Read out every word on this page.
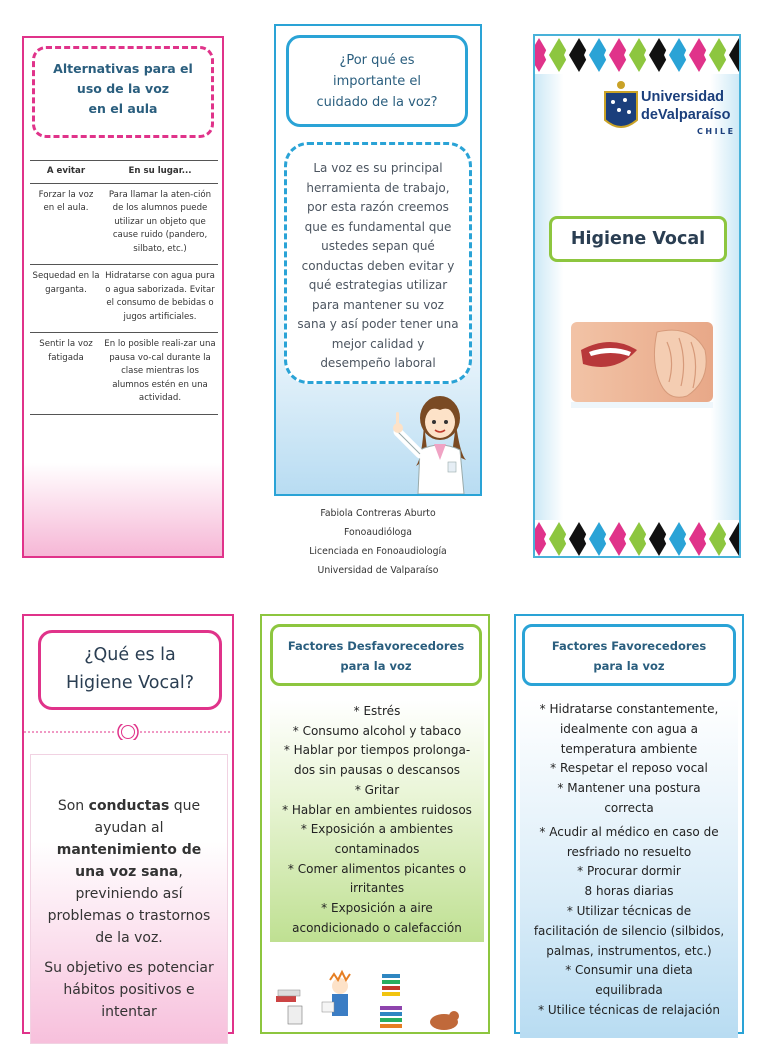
Alternativas para el
uso de la voz
en el aula
A evitar	En su lugar...
Forzar la voz en el aula.	Para llamar la aten-ción de los alumnos puede utilizar un objeto que cause ruido (pandero, silbato, etc.)
Sequedad en la garganta.	Hidratarse con agua pura o agua saborizada. Evitar el consumo de bebidas o jugos artificiales.
Sentir la voz fatigada	En lo posible reali-zar una pausa vo-cal durante la clase mientras los alumnos estén en una actividad.
¿Por qué es
importante el
cuidado de la voz?
La voz es su principal herramienta de trabajo, por esta razón creemos que es fundamental que ustedes sepan qué conductas deben evitar y qué estrategias utilizar para mantener su voz sana y así poder tener una mejor calidad y desempeño laboral
Fabiola Contreras Aburto
Fonoaudióloga
Licenciada en Fonoaudiología
Universidad de Valparaíso
Universidad
deValparaíso
CHILE
Higiene Vocal
¿Qué es la
Higiene Vocal?

Son conductas que ayudan al mantenimiento de una voz sana, previniendo así problemas o trastornos de la voz.

Su objetivo es potenciar hábitos positivos e intentar

Factores Desfavorecedores
para la voz
* Estrés
* Consumo alcohol y tabaco
* Hablar por tiempos prolonga-
dos sin pausas o descansos
* Gritar
* Hablar en ambientes ruidosos
* Exposición a ambientes
contaminados
* Comer alimentos picantes o
irritantes
* Exposición a aire
acondicionado o calefacción
Factores Favorecedores
para la voz
* Hidratarse constantemente,
idealmente con agua a
temperatura ambiente
* Respetar el reposo vocal
* Mantener una postura
correcta
* Acudir al médico en caso de
resfriado no resuelto
* Procurar dormir
8 horas diarias
* Utilizar técnicas de
facilitación de silencio (silbidos,
palmas, instrumentos, etc.)
* Consumir una dieta
equilibrada
* Utilice técnicas de relajación
